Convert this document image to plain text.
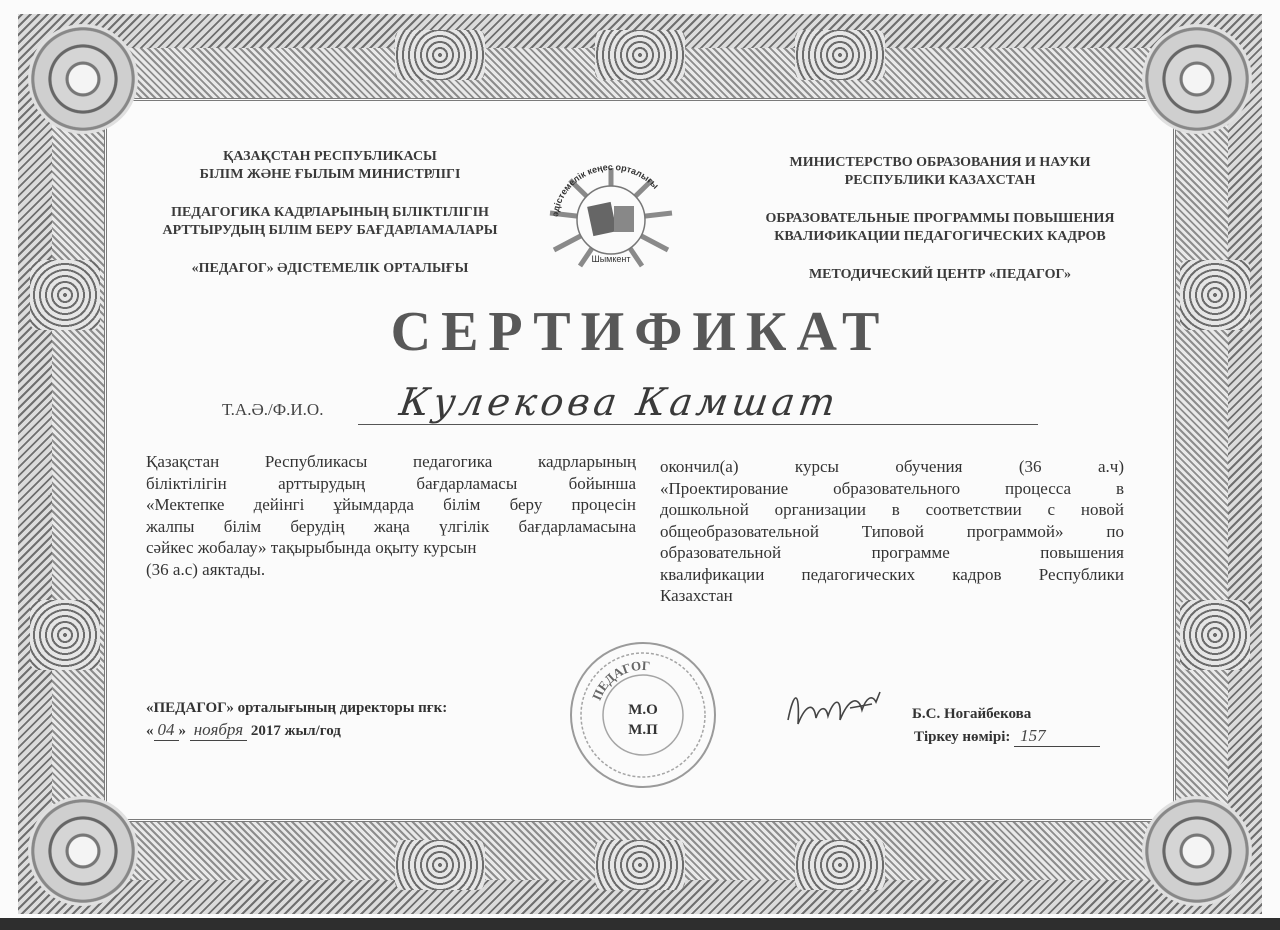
ҚАЗАҚСТАН РЕСПУБЛИКАСЫ
БІЛІМ ЖӘНЕ ҒЫЛЫМ МИНИСТРЛІГІ
ПЕДАГОГИКА КАДРЛАРЫНЫҢ БІЛІКТІЛІГІН
АРТТЫРУДЫҢ БІЛІМ БЕРУ БАҒДАРЛАМАЛАРЫ
«ПЕДАГОГ» ӘДІСТЕМЕЛІК ОРТАЛЫҒЫ
әдістемелік кеңес орталығы
Шымкент
МИНИСТЕРСТВО ОБРАЗОВАНИЯ И НАУКИ
РЕСПУБЛИКИ КАЗАХСТАН
ОБРАЗОВАТЕЛЬНЫЕ ПРОГРАММЫ ПОВЫШЕНИЯ
КВАЛИФИКАЦИИ ПЕДАГОГИЧЕСКИХ КАДРОВ
МЕТОДИЧЕСКИЙ ЦЕНТР «ПЕДАГОГ»
СЕРТИФИКАТ
Т.А.Ә./Ф.И.О. Кулекова Камшат
Қазақстан Республикасы педагогика кадрларының
біліктілігін арттырудың бағдарламасы бойынша
«Мектепке дейінгі ұйымдарда білім беру процесін
жалпы білім берудің жаңа үлгілік бағдарламасына
сәйкес жобалау» тақырыбында оқыту курсын
(36 а.с) аяктады.
окончил(а) курсы обучения (36 а.ч)
«Проектирование образовательного процесса в
дошкольной организации в соответствии с новой
общеобразовательной Типовой программой» по
образовательной программе повышения
квалификации педагогических кадров Республики
Казахстан
«ПЕДАГОГ» орталығының директоры пғк:
« 04 » ноября 2017 жыл/год
ПЕДАГОГ
М.О
М.П
Б.С. Ногайбекова
Тіркеу нөмірі: 157
